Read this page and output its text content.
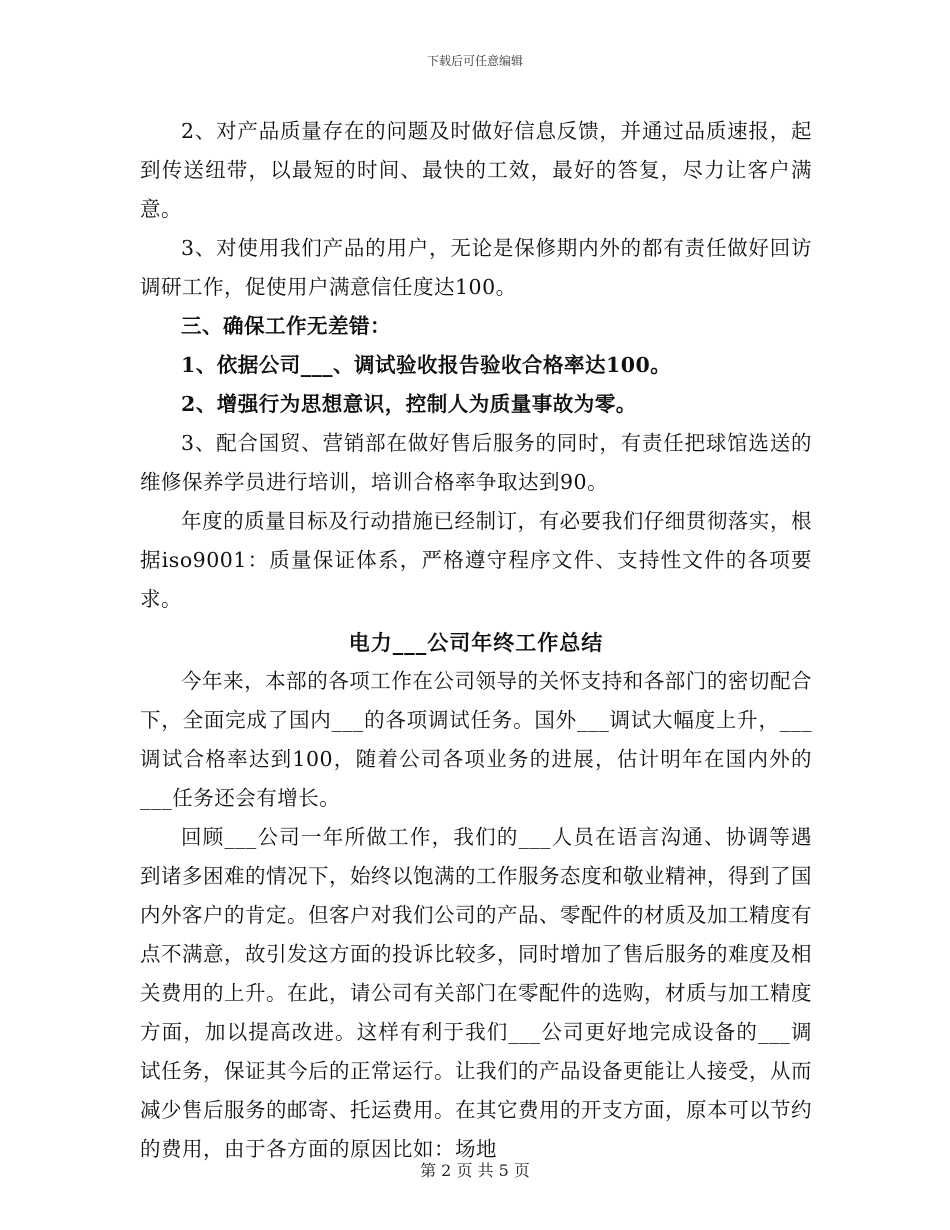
下载后可任意编辑

2、对产品质量存在的问题及时做好信息反馈，并通过品质速报，起到传送纽带，以最短的时间、最快的工效，最好的答复，尽力让客户满意。

3、对使用我们产品的用户，无论是保修期内外的都有责任做好回访调研工作，促使用户满意信任度达100。

三、确保工作无差错：

1、依据公司___、调试验收报告验收合格率达100。

2、增强行为思想意识，控制人为质量事故为零。

3、配合国贸、营销部在做好售后服务的同时，有责任把球馆选送的维修保养学员进行培训，培训合格率争取达到90。

年度的质量目标及行动措施已经制订，有必要我们仔细贯彻落实，根据iso9001：质量保证体系，严格遵守程序文件、支持性文件的各项要求。

电力___公司年终工作总结

今年来，本部的各项工作在公司领导的关怀支持和各部门的密切配合下，全面完成了国内___的各项调试任务。国外___调试大幅度上升，___调试合格率达到100，随着公司各项业务的进展，估计明年在国内外的___任务还会有增长。

回顾___公司一年所做工作，我们的___人员在语言沟通、协调等遇到诸多困难的情况下，始终以饱满的工作服务态度和敬业精神，得到了国内外客户的肯定。但客户对我们公司的产品、零配件的材质及加工精度有点不满意，故引发这方面的投诉比较多，同时增加了售后服务的难度及相关费用的上升。在此，请公司有关部门在零配件的选购，材质与加工精度方面，加以提高改进。这样有利于我们___公司更好地完成设备的___调试任务，保证其今后的正常运行。让我们的产品设备更能让人接受，从而减少售后服务的邮寄、托运费用。在其它费用的开支方面，原本可以节约的费用，由于各方面的原因比如：场地

第 2 页 共 5 页
